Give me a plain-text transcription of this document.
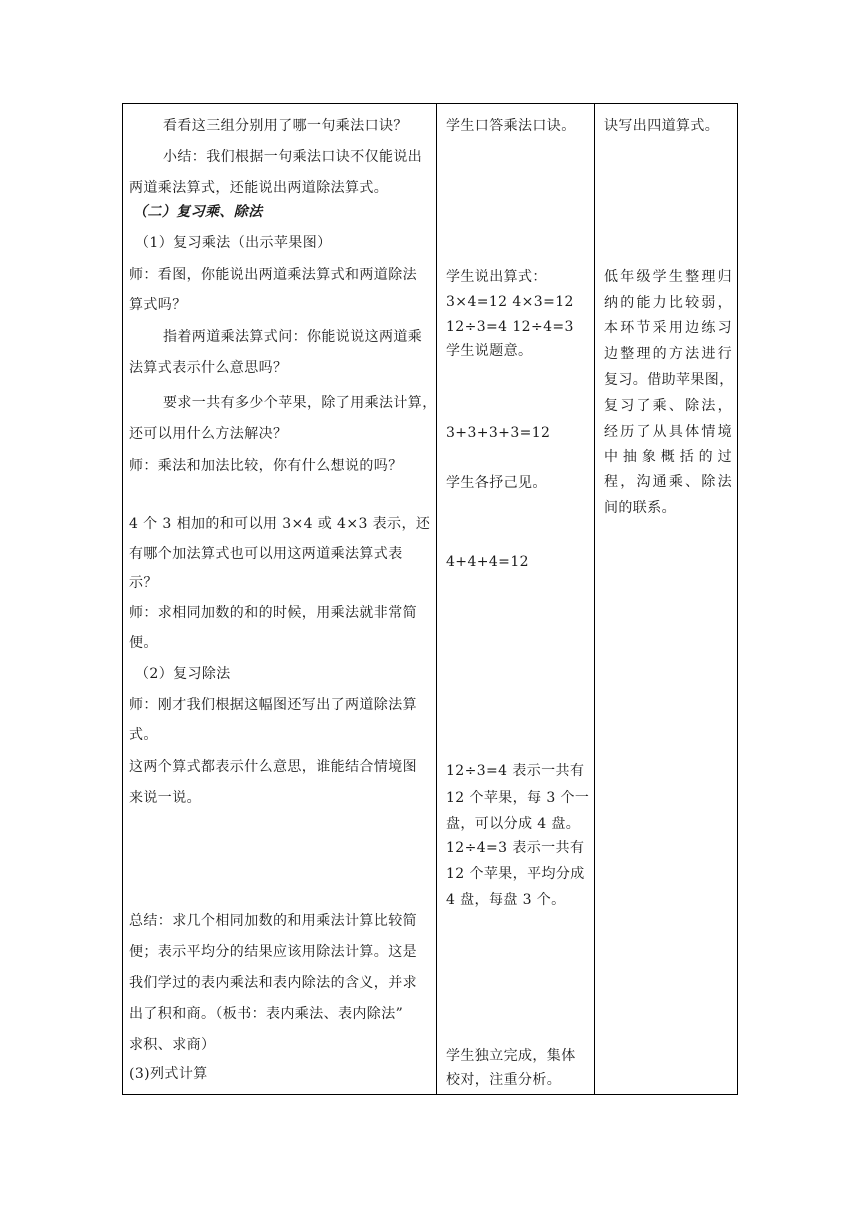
看看这三组分别用了哪一句乘法口诀？
小结：我们根据一句乘法口诀不仅能说出
两道乘法算式，还能说出两道除法算式。
（二）复习乘、除法
（1）复习乘法（出示苹果图）
师：看图，你能说出两道乘法算式和两道除法
算式吗？
指着两道乘法算式问：你能说说这两道乘
法算式表示什么意思吗？
要求一共有多少个苹果，除了用乘法计算，
还可以用什么方法解决？
师：乘法和加法比较，你有什么想说的吗？
4 个 3 相加的和可以用 3×4 或 4×3 表示，还
有哪个加法算式也可以用这两道乘法算式表
示？
师：求相同加数的和的时候，用乘法就非常简
便。
（2）复习除法
师：刚才我们根据这幅图还写出了两道除法算
式。
这两个算式都表示什么意思，谁能结合情境图
来说一说。
总结：求几个相同加数的和用乘法计算比较简
便；表示平均分的结果应该用除法计算。这是
我们学过的表内乘法和表内除法的含义，并求
出了积和商。（板书：表内乘法、表内除法”
求积、求商）
(3)列式计算
学生口答乘法口诀。
学生说出算式：
3×4=12 4×3=12
12÷3=4 12÷4=3
学生说题意。
3+3+3+3=12
学生各抒己见。
4+4+4=12
12÷3=4 表示一共有
12 个苹果，每 3 个一
盘，可以分成 4 盘。
12÷4=3 表示一共有
12 个苹果，平均分成
4 盘，每盘 3 个。
学生独立完成，集体
校对，注重分析。
诀写出四道算式。
低年级学生整理归
纳的能力比较弱，
本环节采用边练习
边整理的方法进行
复习。借助苹果图，
复习了乘、除法，
经历了从具体情境
中抽象概括的过
程，沟通乘、除法
间的联系。
